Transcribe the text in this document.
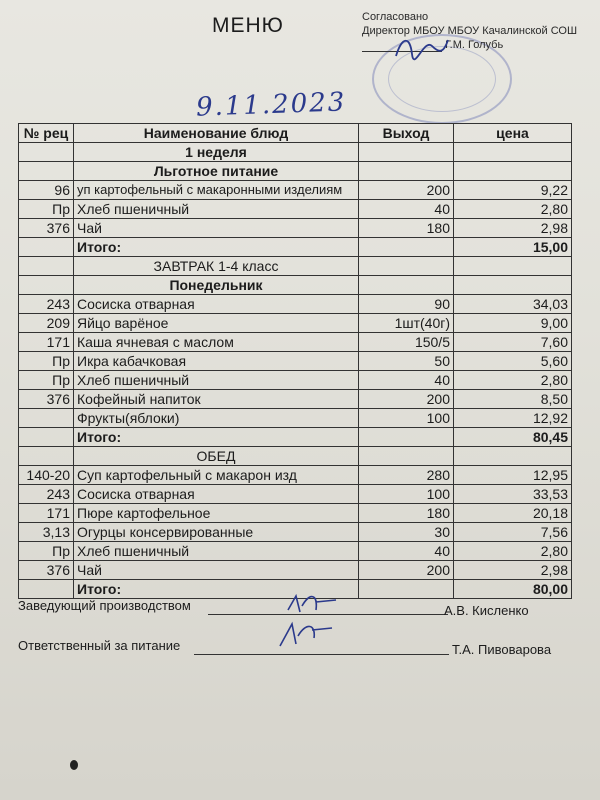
МЕНЮ	Согласовано
Директор МБОУ МБОУ Качалинской СОШ
Г.М. Голубь
9.11.2023
№ рец	Наименование блюд	Выход	цена
	1 неделя		
	Льготное питание		
96	уп картофельный с макаронными изделиям	200	9,22
Пр	Хлеб пшеничный	40	2,80
376	Чай	180	2,98
	Итого:		15,00
	ЗАВТРАК 1-4 класс		
	Понедельник		
243	Сосиска отварная	90	34,03
209	Яйцо варёное	1шт(40г)	9,00
171	Каша ячневая с маслом	150/5	7,60
Пр	Икра кабачковая	50	5,60
Пр	Хлеб пшеничный	40	2,80
376	Кофейный напиток	200	8,50
	Фрукты(яблоки)	100	12,92
	Итого:		80,45
	ОБЕД		
140-20	Суп картофельный с макарон изд	280	12,95
243	Сосиска отварная	100	33,53
171	Пюре картофельное	180	20,18
3,13	Огурцы консервированные	30	7,56
Пр	Хлеб пшеничный	40	2,80
376	Чай	200	2,98
	Итого:		80,00
Заведующий производством	А.В. Кисленко
Ответственный за питание	Т.А. Пивоварова
